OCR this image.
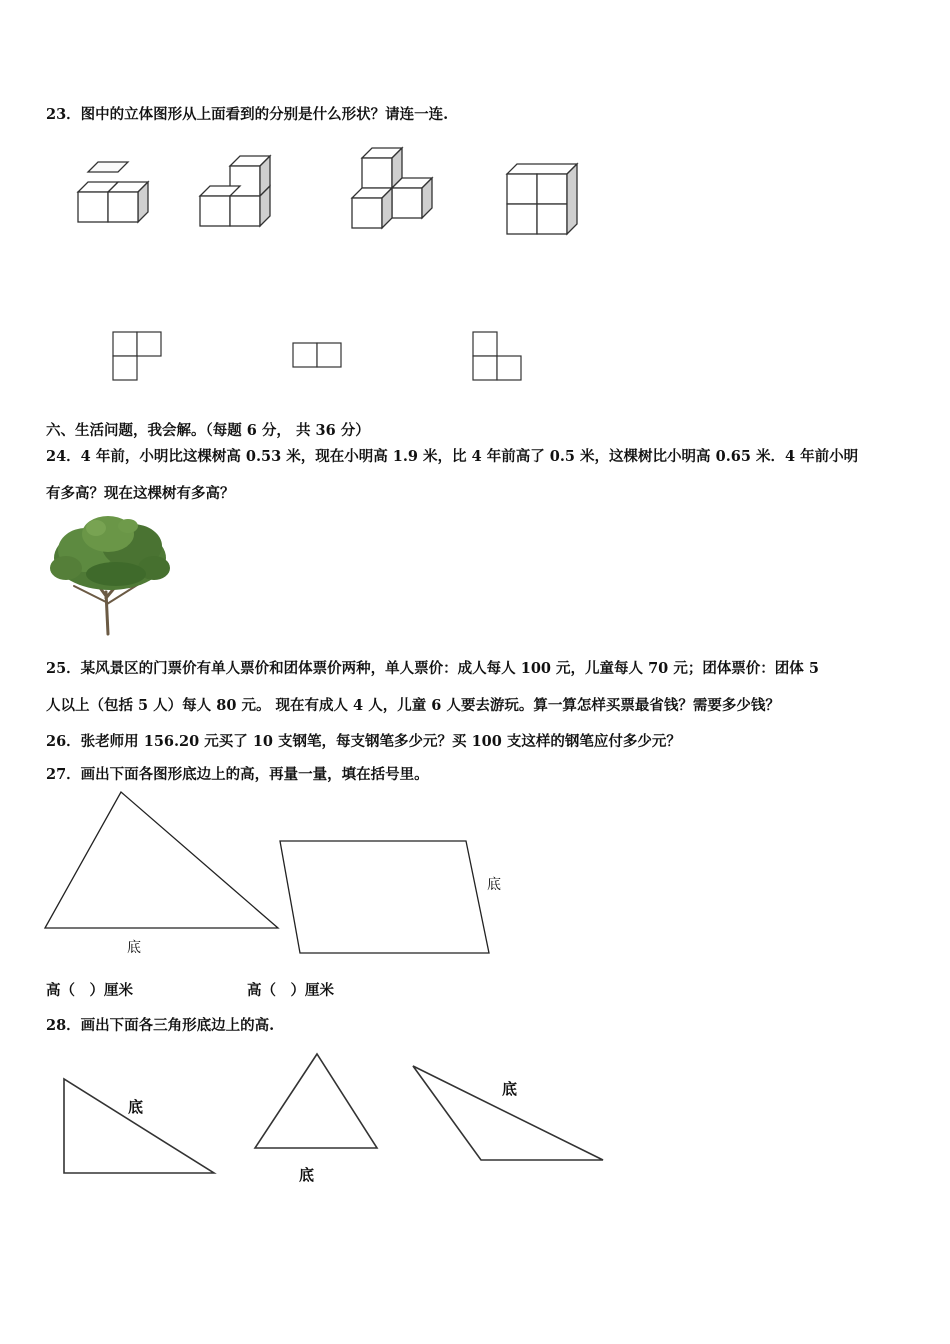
23．图中的立体图形从上面看到的分别是什么形状？请连一连.
六、生活问题，我会解。（每题 6 分， 共 36 分）
24．4 年前，小明比这棵树高 0.53 米，现在小明高 1.9 米，比 4 年前高了 0.5 米，这棵树比小明高 0.65 米．4 年前小明
有多高？现在这棵树有多高？
25．某风景区的门票价有单人票价和团体票价两种，单人票价：成人每人 100 元，儿童每人 70 元；团体票价：团体 5
人以上（包括 5 人）每人 80 元。 现在有成人 4 人，儿童 6 人要去游玩。算一算怎样买票最省钱？需要多少钱？
26．张老师用 156.20 元买了 10 支钢笔，每支钢笔多少元？买 100 支这样的钢笔应付多少元？
27．画出下面各图形底边上的高，再量一量，填在括号里。
底
底
高（　）厘米	高（　）厘米
28．画出下面各三角形底边上的高.
底
底
底
